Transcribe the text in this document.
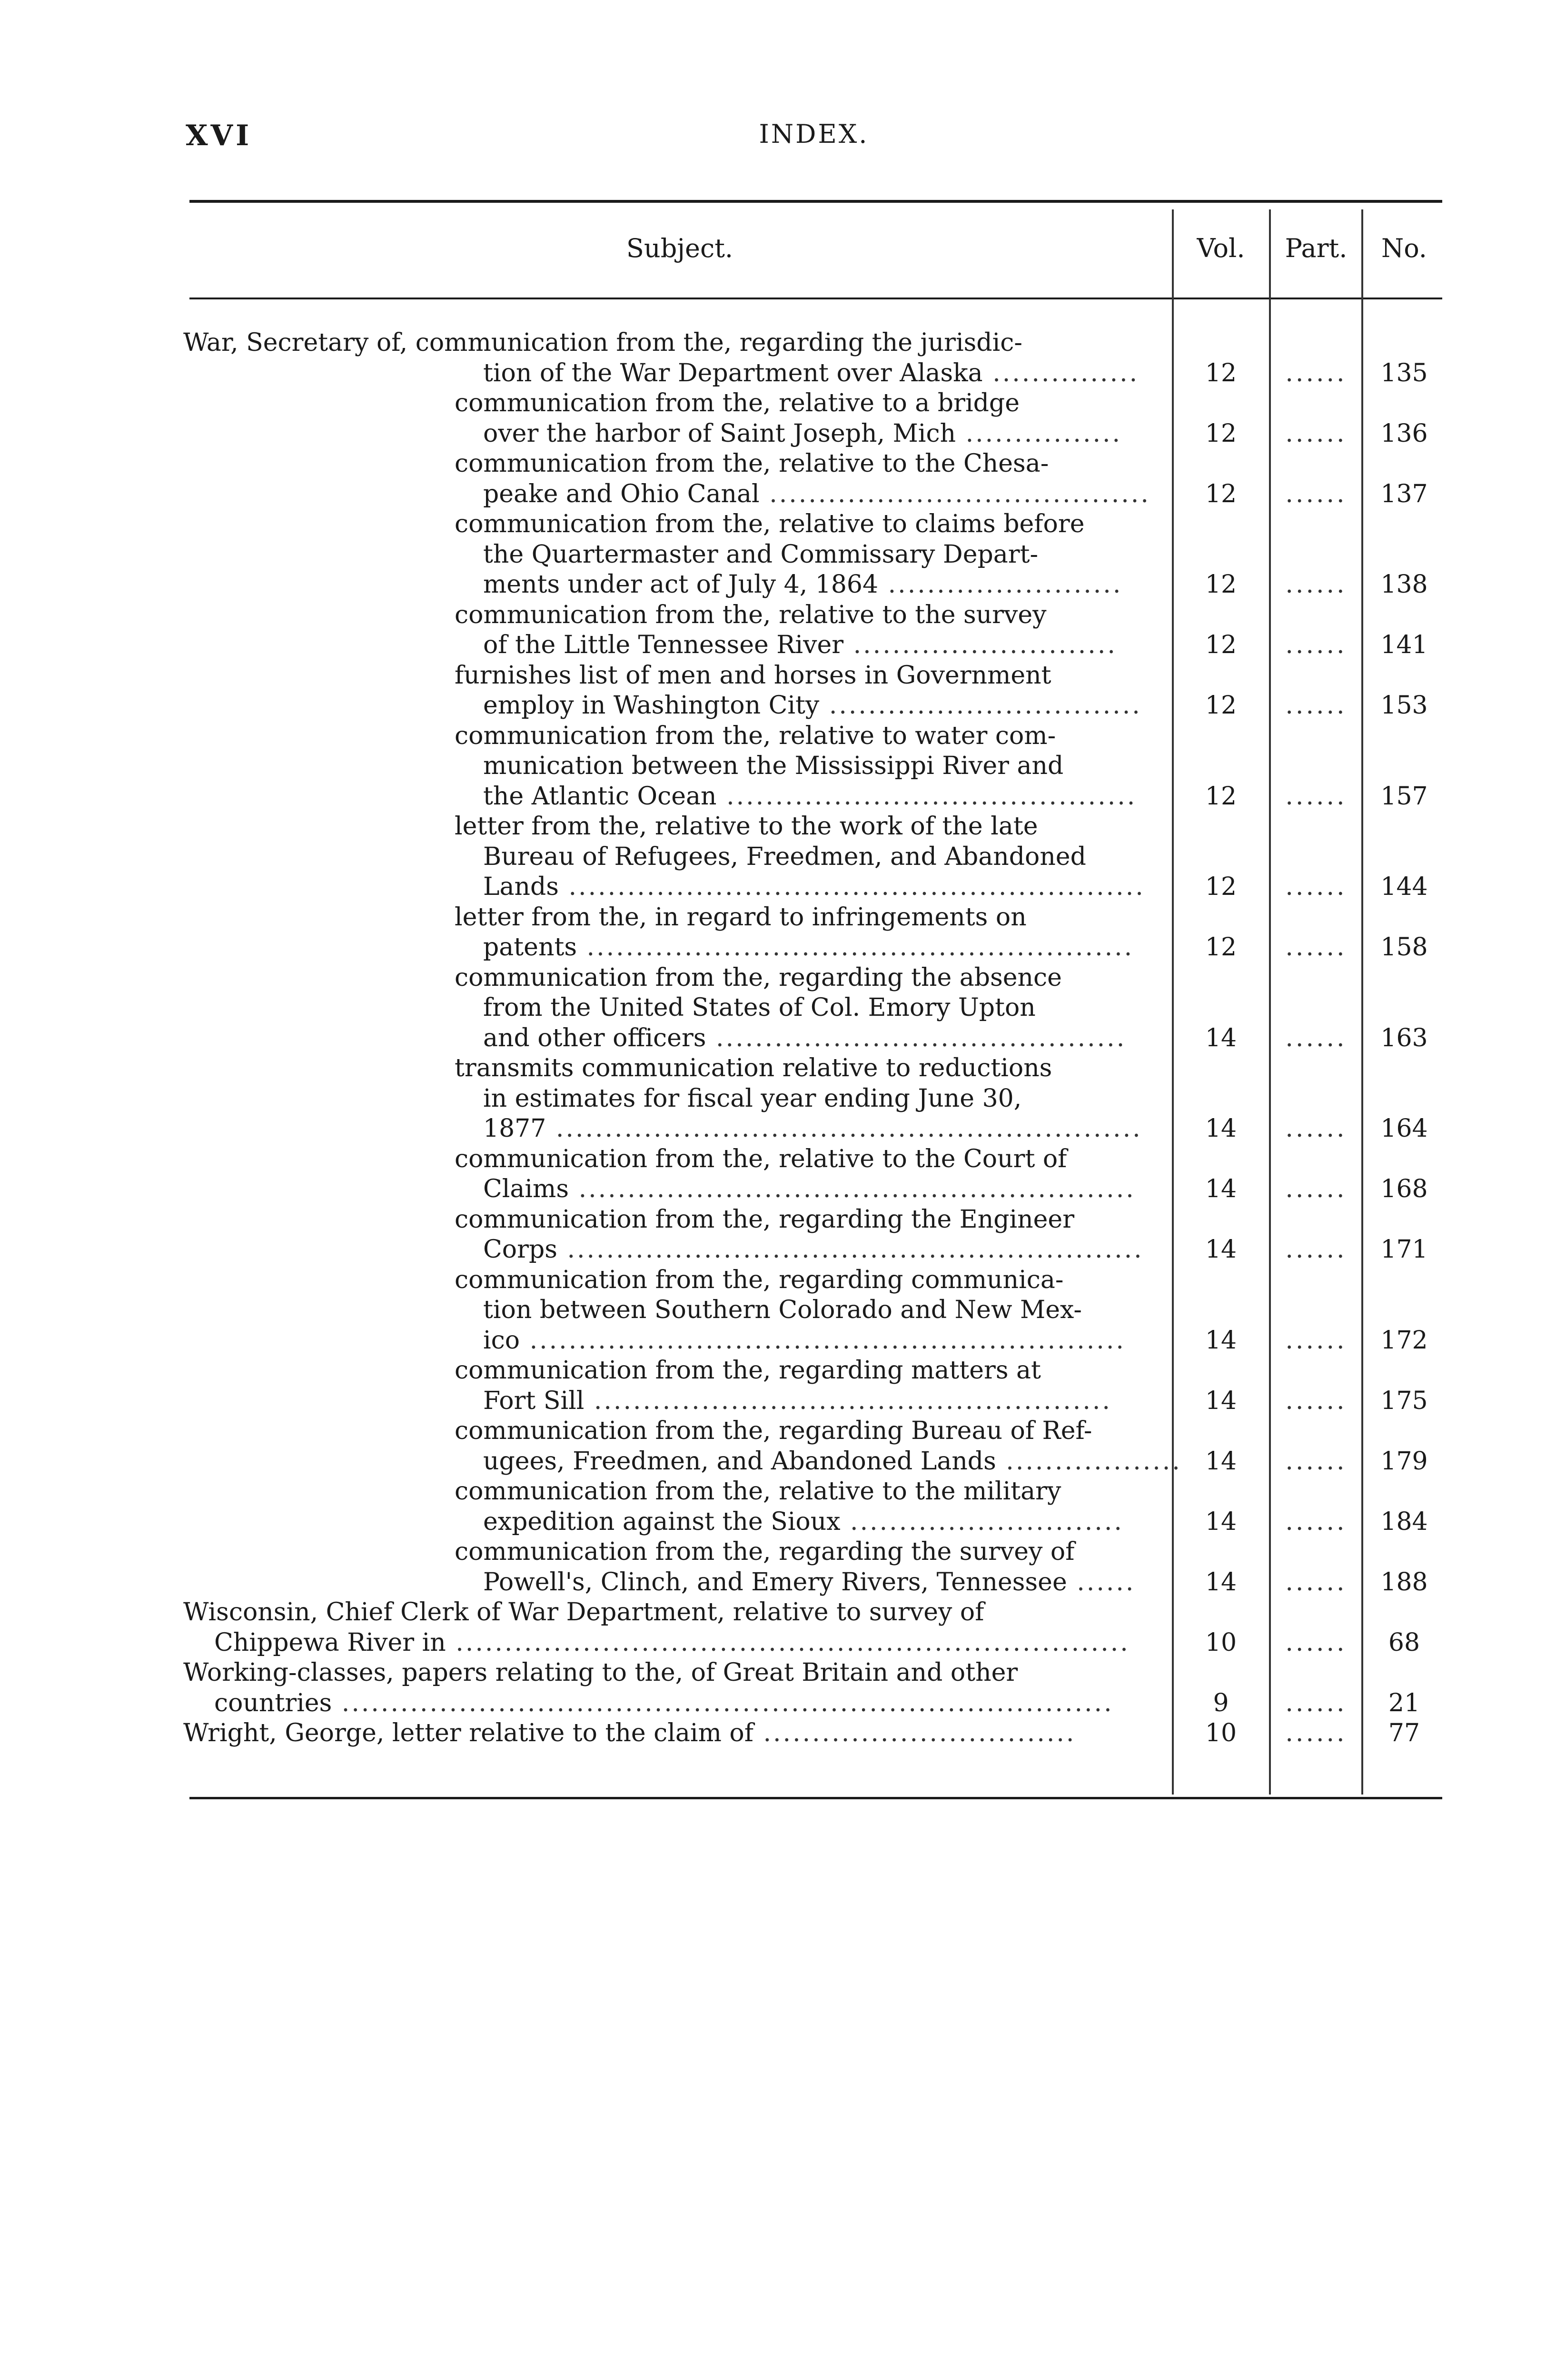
XVI	INDEX.
Subject.	Vol.	Part.	No.
War, Secretary of, communication from the, regarding the jurisdic-
tion of the War Department over Alaska ...............	12	......	135
communication from the, relative to a bridge
over the harbor of Saint Joseph, Mich ................	12	......	136
communication from the, relative to the Chesa-
peake and Ohio Canal .......................................	12	......	137
communication from the, relative to claims before
the Quartermaster and Commissary Depart-
ments under act of July 4, 1864 ........................	12	......	138
communication from the, relative to the survey
of the Little Tennessee River ...........................	12	......	141
furnishes list of men and horses in Government
employ in Washington City ................................	12	......	153
communication from the, relative to water com-
munication between the Mississippi River and
the Atlantic Ocean ..........................................	12	......	157
letter from the, relative to the work of the late
Bureau of Refugees, Freedmen, and Abandoned
Lands ...........................................................	12	......	144
letter from the, in regard to infringements on
patents ........................................................	12	......	158
communication from the, regarding the absence
from the United States of Col. Emory Upton
and other officers ..........................................	14	......	163
transmits communication relative to reductions
in estimates for fiscal year ending June 30,
1877 ............................................................	14	......	164
communication from the, relative to the Court of
Claims .........................................................	14	......	168
communication from the, regarding the Engineer
Corps ...........................................................	14	......	171
communication from the, regarding communica-
tion between Southern Colorado and New Mex-
ico .............................................................	14	......	172
communication from the, regarding matters at
Fort Sill .....................................................	14	......	175
communication from the, regarding Bureau of Ref-
ugees, Freedmen, and Abandoned Lands .................. 14	......	179
communication from the, relative to the military
expedition against the Sioux ............................	14	......	184
communication from the, regarding the survey of
Powell's, Clinch, and Emery Rivers, Tennessee ......	14	......	188
Wisconsin, Chief Clerk of War Department, relative to survey of
Chippewa River in .....................................................................	10	......	68
Working-classes, papers relating to the, of Great Britain and other
countries ...............................................................................	9	......	21
Wright, George, letter relative to the claim of ................................	10	......	77
